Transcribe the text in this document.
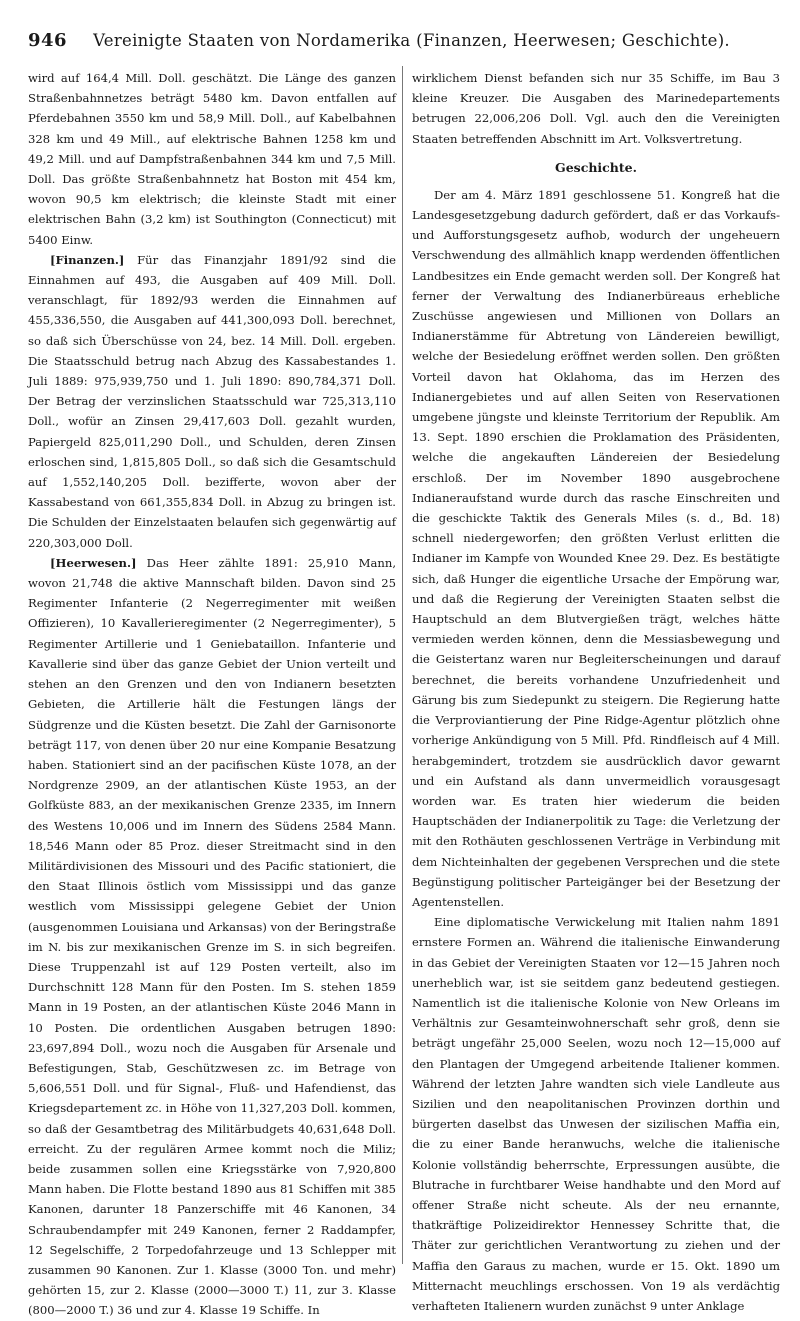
946 Vereinigte Staaten von Nordamerika (Finanzen, Heerwesen; Geschichte).

wird auf 164,4 Mill. Doll. geschätzt. Die Länge des ganzen Straßenbahnnetzes beträgt 5480 km. Davon entfallen auf Pferdebahnen 3550 km und 58,9 Mill. Doll., auf Kabelbahnen 328 km und 49 Mill., auf elektrische Bahnen 1258 km und 49,2 Mill. und auf Dampfstraßenbahnen 344 km und 7,5 Mill. Doll. Das größte Straßenbahnnetz hat Boston mit 454 km, wovon 90,5 km elektrisch; die kleinste Stadt mit einer elektrischen Bahn (3,2 km) ist Southington (Connecticut) mit 5400 Einw.

[Finanzen.] Für das Finanzjahr 1891/92 sind die Einnahmen auf 493, die Ausgaben auf 409 Mill. Doll. veranschlagt, für 1892/93 werden die Einnahmen auf 455,336,550, die Ausgaben auf 441,300,093 Doll. berechnet, so daß sich Überschüsse von 24, bez. 14 Mill. Doll. ergeben. Die Staatsschuld betrug nach Abzug des Kassabestandes 1. Juli 1889: 975,939,750 und 1. Juli 1890: 890,784,371 Doll. Der Betrag der verzinslichen Staatsschuld war 725,313,110 Doll., wofür an Zinsen 29,417,603 Doll. gezahlt wurden, Papiergeld 825,011,290 Doll., und Schulden, deren Zinsen erloschen sind, 1,815,805 Doll., so daß sich die Gesamtschuld auf 1,552,140,205 Doll. bezifferte, wovon aber der Kassabestand von 661,355,834 Doll. in Abzug zu bringen ist. Die Schulden der Einzelstaaten belaufen sich gegenwärtig auf 220,303,000 Doll.

[Heerwesen.] Das Heer zählte 1891: 25,910 Mann, wovon 21,748 die aktive Mannschaft bilden. Davon sind 25 Regimenter Infanterie (2 Negerregimenter mit weißen Offizieren), 10 Kavallerieregimenter (2 Negerregimenter), 5 Regimenter Artillerie und 1 Geniebataillon. Infanterie und Kavallerie sind über das ganze Gebiet der Union verteilt und stehen an den Grenzen und den von Indianern besetzten Gebieten, die Artillerie hält die Festungen längs der Südgrenze und die Küsten besetzt. Die Zahl der Garnisonorte beträgt 117, von denen über 20 nur eine Kompanie Besatzung haben. Stationiert sind an der pacifischen Küste 1078, an der Nordgrenze 2909, an der atlantischen Küste 1953, an der Golfküste 883, an der mexikanischen Grenze 2335, im Innern des Westens 10,006 und im Innern des Südens 2584 Mann. 18,546 Mann oder 85 Proz. dieser Streitmacht sind in den Militärdivisionen des Missouri und des Pacific stationiert, die den Staat Illinois östlich vom Mississippi und das ganze westlich vom Mississippi gelegene Gebiet der Union (ausgenommen Louisiana und Arkansas) von der Beringstraße im N. bis zur mexikanischen Grenze im S. in sich begreifen. Diese Truppenzahl ist auf 129 Posten verteilt, also im Durchschnitt 128 Mann für den Posten. Im S. stehen 1859 Mann in 19 Posten, an der atlantischen Küste 2046 Mann in 10 Posten. Die ordentlichen Ausgaben betrugen 1890: 23,697,894 Doll., wozu noch die Ausgaben für Arsenale und Befestigungen, Stab, Geschützwesen zc. im Betrage von 5,606,551 Doll. und für Signal-, Fluß- und Hafendienst, das Kriegsdepartement zc. in Höhe von 11,327,203 Doll. kommen, so daß der Gesamtbetrag des Militärbudgets 40,631,648 Doll. erreicht. Zu der regulären Armee kommt noch die Miliz; beide zusammen sollen eine Kriegsstärke von 7,920,800 Mann haben. Die Flotte bestand 1890 aus 81 Schiffen mit 385 Kanonen, darunter 18 Panzerschiffe mit 46 Kanonen, 34 Schraubendampfer mit 249 Kanonen, ferner 2 Raddampfer, 12 Segelschiffe, 2 Torpedofahrzeuge und 13 Schlepper mit zusammen 90 Kanonen. Zur 1. Klasse (3000 Ton. und mehr) gehörten 15, zur 2. Klasse (2000—3000 T.) 11, zur 3. Klasse (800—2000 T.) 36 und zur 4. Klasse 19 Schiffe. In

wirklichem Dienst befanden sich nur 35 Schiffe, im Bau 3 kleine Kreuzer. Die Ausgaben des Marinedepartements betrugen 22,006,206 Doll. Vgl. auch den die Vereinigten Staaten betreffenden Abschnitt im Art. Volksvertretung.

Geschichte.

Der am 4. März 1891 geschlossene 51. Kongreß hat die Landesgesetzgebung dadurch gefördert, daß er das Vorkaufs- und Aufforstungsgesetz aufhob, wodurch der ungeheuern Verschwendung des allmählich knapp werdenden öffentlichen Landbesitzes ein Ende gemacht werden soll. Der Kongreß hat ferner der Verwaltung des Indianerbüreaus erhebliche Zuschüsse angewiesen und Millionen von Dollars an Indianerstämme für Abtretung von Ländereien bewilligt, welche der Besiedelung eröffnet werden sollen. Den größten Vorteil davon hat Oklahoma, das im Herzen des Indianergebietes und auf allen Seiten von Reservationen umgebene jüngste und kleinste Territorium der Republik. Am 13. Sept. 1890 erschien die Proklamation des Präsidenten, welche die angekauften Ländereien der Besiedelung erschloß. Der im November 1890 ausgebrochene Indianeraufstand wurde durch das rasche Einschreiten und die geschickte Taktik des Generals Miles (s. d., Bd. 18) schnell niedergeworfen; den größten Verlust erlitten die Indianer im Kampfe von Wounded Knee 29. Dez. Es bestätigte sich, daß Hunger die eigentliche Ursache der Empörung war, und daß die Regierung der Vereinigten Staaten selbst die Hauptschuld an dem Blutvergießen trägt, welches hätte vermieden werden können, denn die Messiasbewegung und die Geistertanz waren nur Begleiterscheinungen und darauf berechnet, die bereits vorhandene Unzufriedenheit und Gärung bis zum Siedepunkt zu steigern. Die Regierung hatte die Verproviantierung der Pine Ridge-Agentur plötzlich ohne vorherige Ankündigung von 5 Mill. Pfd. Rindfleisch auf 4 Mill. herabgemindert, trotzdem sie ausdrücklich davor gewarnt und ein Aufstand als dann unvermeidlich vorausgesagt worden war. Es traten hier wiederum die beiden Hauptschäden der Indianerpolitik zu Tage: die Verletzung der mit den Rothäuten geschlossenen Verträge in Verbindung mit dem Nichteinhalten der gegebenen Versprechen und die stete Begünstigung politischer Parteigänger bei der Besetzung der Agentenstellen.

Eine diplomatische Verwickelung mit Italien nahm 1891 ernstere Formen an. Während die italienische Einwanderung in das Gebiet der Vereinigten Staaten vor 12—15 Jahren noch unerheblich war, ist sie seitdem ganz bedeutend gestiegen. Namentlich ist die italienische Kolonie von New Orleans im Verhältnis zur Gesamteinwohnerschaft sehr groß, denn sie beträgt ungefähr 25,000 Seelen, wozu noch 12—15,000 auf den Plantagen der Umgegend arbeitende Italiener kommen. Während der letzten Jahre wandten sich viele Landleute aus Sizilien und den neapolitanischen Provinzen dorthin und bürgerten daselbst das Unwesen der sizilischen Maffia ein, die zu einer Bande heranwuchs, welche die italienische Kolonie vollständig beherrschte, Erpressungen ausübte, die Blutrache in furchtbarer Weise handhabte und den Mord auf offener Straße nicht scheute. Als der neu ernannte, thatkräftige Polizeidirektor Hennessey Schritte that, die Thäter zur gerichtlichen Verantwortung zu ziehen und der Maffia den Garaus zu machen, wurde er 15. Okt. 1890 um Mitternacht meuchlings erschossen. Von 19 als verdächtig verhafteten Italienern wurden zunächst 9 unter Anklage
